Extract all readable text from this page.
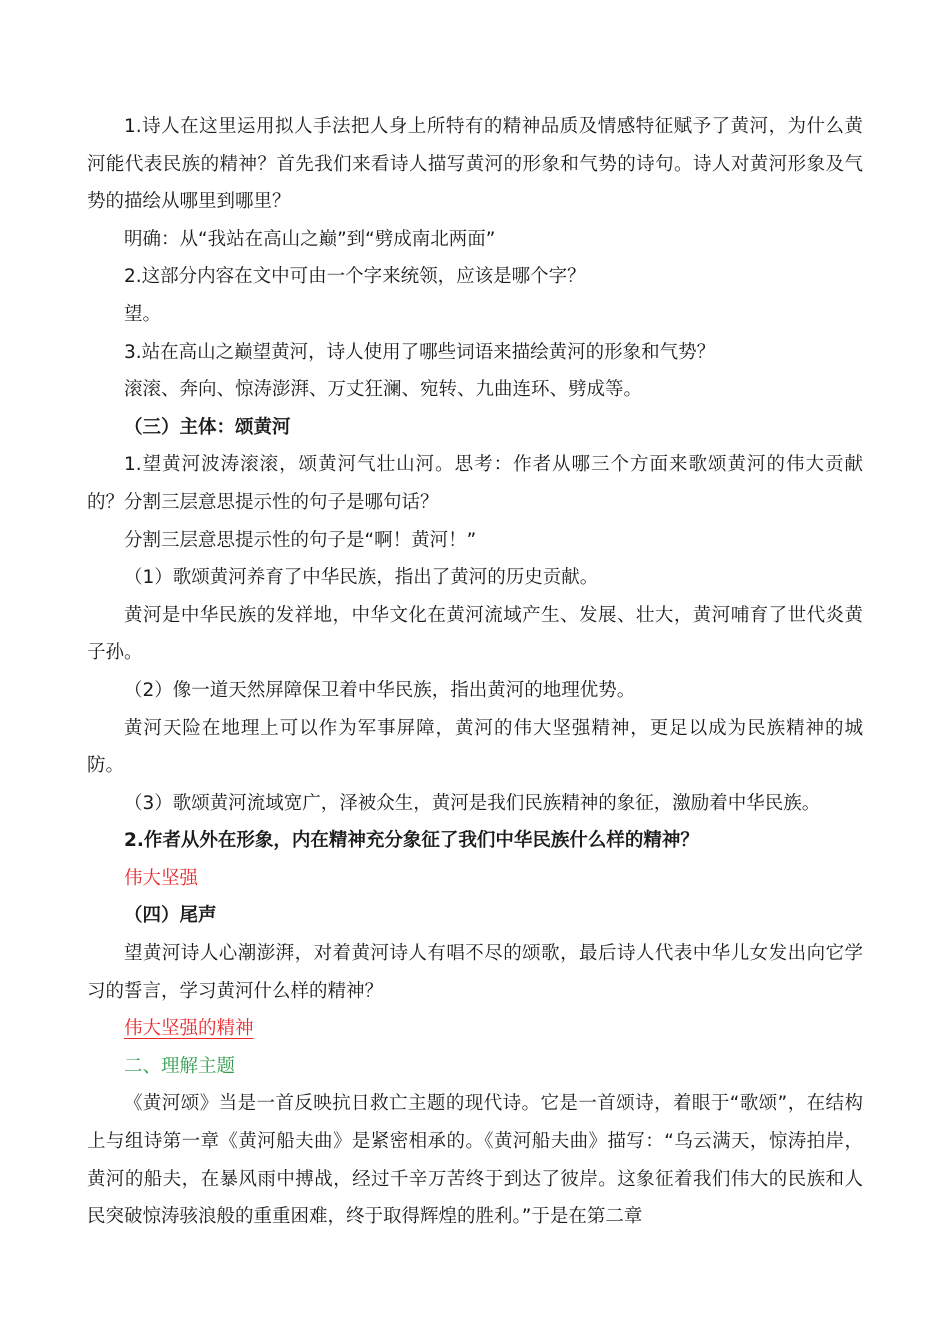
1.诗人在这里运用拟人手法把人身上所特有的精神品质及情感特征赋予了黄河，为什么黄河能代表民族的精神？首先我们来看诗人描写黄河的形象和气势的诗句。诗人对黄河形象及气势的描绘从哪里到哪里？

明确：从“我站在高山之巅”到“劈成南北两面”

2.这部分内容在文中可由一个字来统领，应该是哪个字？

望。

3.站在高山之巅望黄河，诗人使用了哪些词语来描绘黄河的形象和气势？

滚滚、奔向、惊涛澎湃、万丈狂澜、宛转、九曲连环、劈成等。

（三）主体：颂黄河

1.望黄河波涛滚滚，颂黄河气壮山河。思考：作者从哪三个方面来歌颂黄河的伟大贡献的？分割三层意思提示性的句子是哪句话？

分割三层意思提示性的句子是“啊！黄河！”

（1）歌颂黄河养育了中华民族，指出了黄河的历史贡献。

黄河是中华民族的发祥地，中华文化在黄河流域产生、发展、壮大，黄河哺育了世代炎黄子孙。

（2）像一道天然屏障保卫着中华民族，指出黄河的地理优势。

黄河天险在地理上可以作为军事屏障，黄河的伟大坚强精神，更足以成为民族精神的城防。

（3）歌颂黄河流域宽广，泽被众生，黄河是我们民族精神的象征，激励着中华民族。

2.作者从外在形象，内在精神充分象征了我们中华民族什么样的精神？

伟大坚强

（四）尾声

望黄河诗人心潮澎湃，对着黄河诗人有唱不尽的颂歌，最后诗人代表中华儿女发出向它学习的誓言，学习黄河什么样的精神？

伟大坚强的精神

二、理解主题

《黄河颂》当是一首反映抗日救亡主题的现代诗。它是一首颂诗，着眼于“歌颂”，在结构上与组诗第一章《黄河船夫曲》是紧密相承的。《黄河船夫曲》描写：“乌云满天，惊涛拍岸，黄河的船夫，在暴风雨中搏战，经过千辛万苦终于到达了彼岸。这象征着我们伟大的民族和人民突破惊涛骇浪般的重重困难，终于取得辉煌的胜利。”于是在第二章
